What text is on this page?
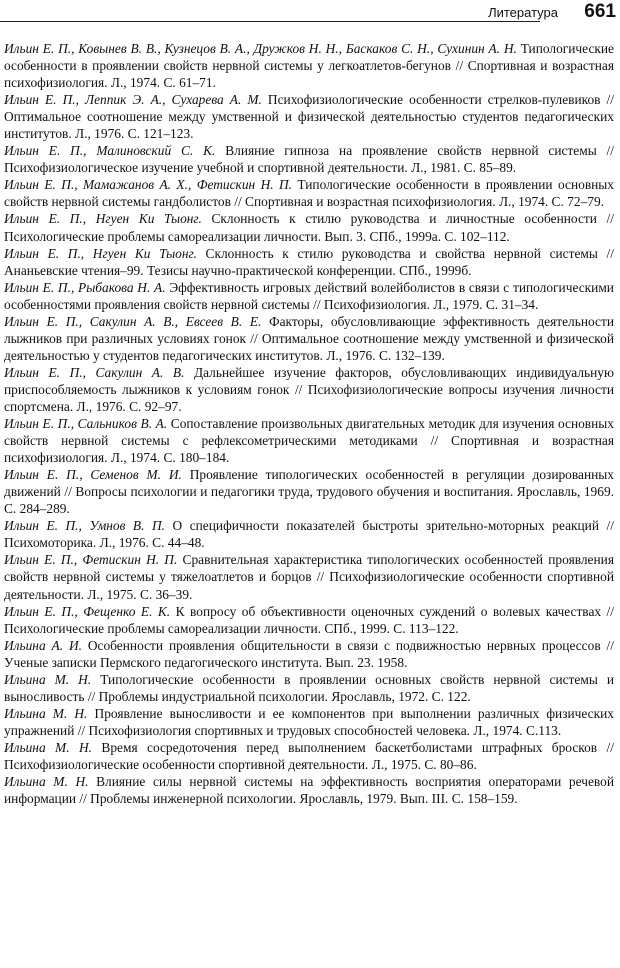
Литература 661

Ильин Е. П., Ковынев В. В., Кузнецов В. А., Дружков Н. Н., Баскаков С. Н., Сухинин А. Н. Типологические особенности в проявлении свойств нервной системы у легкоатлетов-бегунов // Спортивная и возрастная психофизиология. Л., 1974. С. 61–71.

Ильин Е. П., Леппик Э. А., Сухарева А. М. Психофизиологические особенности стрелков-пулевиков // Оптимальное соотношение между умственной и физической деятельностью студентов педагогических институтов. Л., 1976. С. 121–123.

Ильин Е. П., Малиновский С. К. Влияние гипноза на проявление свойств нервной системы // Психофизиологическое изучение учебной и спортивной деятельности. Л., 1981. С. 85–89.

Ильин Е. П., Мамажанов А. Х., Фетискин Н. П. Типологические особенности в проявлении основных свойств нервной системы гандболистов // Спортивная и возрастная психофизиология. Л., 1974. С. 72–79.

Ильин Е. П., Нгуен Ки Тыонг. Склонность к стилю руководства и личностные особенности // Психологические проблемы самореализации личности. Вып. 3. СПб., 1999а. С. 102–112.

Ильин Е. П., Нгуен Ки Тыонг. Склонность к стилю руководства и свойства нервной системы // Ананьевские чтения–99. Тезисы научно-практической конференции. СПб., 1999б.

Ильин Е. П., Рыбакова Н. А. Эффективность игровых действий волейболистов в связи с типологическими особенностями проявления свойств нервной системы // Психофизиология. Л., 1979. С. 31–34.

Ильин Е. П., Сакулин А. В., Евсеев В. Е. Факторы, обусловливающие эффективность деятельности лыжников при различных условиях гонок // Оптимальное соотношение между умственной и физической деятельностью у студентов педагогических институтов. Л., 1976. С. 132–139.

Ильин Е. П., Сакулин А. В. Дальнейшее изучение факторов, обусловливающих индивидуальную приспособляемость лыжников к условиям гонок // Психофизиологические вопросы изучения личности спортсмена. Л., 1976. С. 92–97.

Ильин Е. П., Сальников В. А. Сопоставление произвольных двигательных методик для изучения основных свойств нервной системы с рефлексометрическими методиками // Спортивная и возрастная психофизиология. Л., 1974. С. 180–184.

Ильин Е. П., Семенов М. И. Проявление типологических особенностей в регуляции дозированных движений // Вопросы психологии и педагогики труда, трудового обучения и воспитания. Ярославль, 1969. С. 284–289.

Ильин Е. П., Умнов В. П. О специфичности показателей быстроты зрительно-моторных реакций // Психомоторика. Л., 1976. С. 44–48.

Ильин Е. П., Фетискин Н. П. Сравнительная характеристика типологических особенностей проявления свойств нервной системы у тяжелоатлетов и борцов // Психофизиологические особенности спортивной деятельности. Л., 1975. С. 36–39.

Ильин Е. П., Фещенко Е. К. К вопросу об объективности оценочных суждений о волевых качествах // Психологические проблемы самореализации личности. СПб., 1999. С. 113–122.

Ильина А. И. Особенности проявления общительности в связи с подвижностью нервных процессов // Ученые записки Пермского педагогического института. Вып. 23. 1958.

Ильина М. Н. Типологические особенности в проявлении основных свойств нервной системы и выносливость // Проблемы индустриальной психологии. Ярославль, 1972. С. 122.

Ильина М. Н. Проявление выносливости и ее компонентов при выполнении различных физических упражнений // Психофизиология спортивных и трудовых способностей человека. Л., 1974. С.113.

Ильина М. Н. Время сосредоточения перед выполнением баскетболистами штрафных бросков // Психофизиологические особенности спортивной деятельности. Л., 1975. С. 80–86.

Ильина М. Н. Влияние силы нервной системы на эффективность восприятия операторами речевой информации // Проблемы инженерной психологии. Ярославль, 1979. Вып. III. С. 158–159.
